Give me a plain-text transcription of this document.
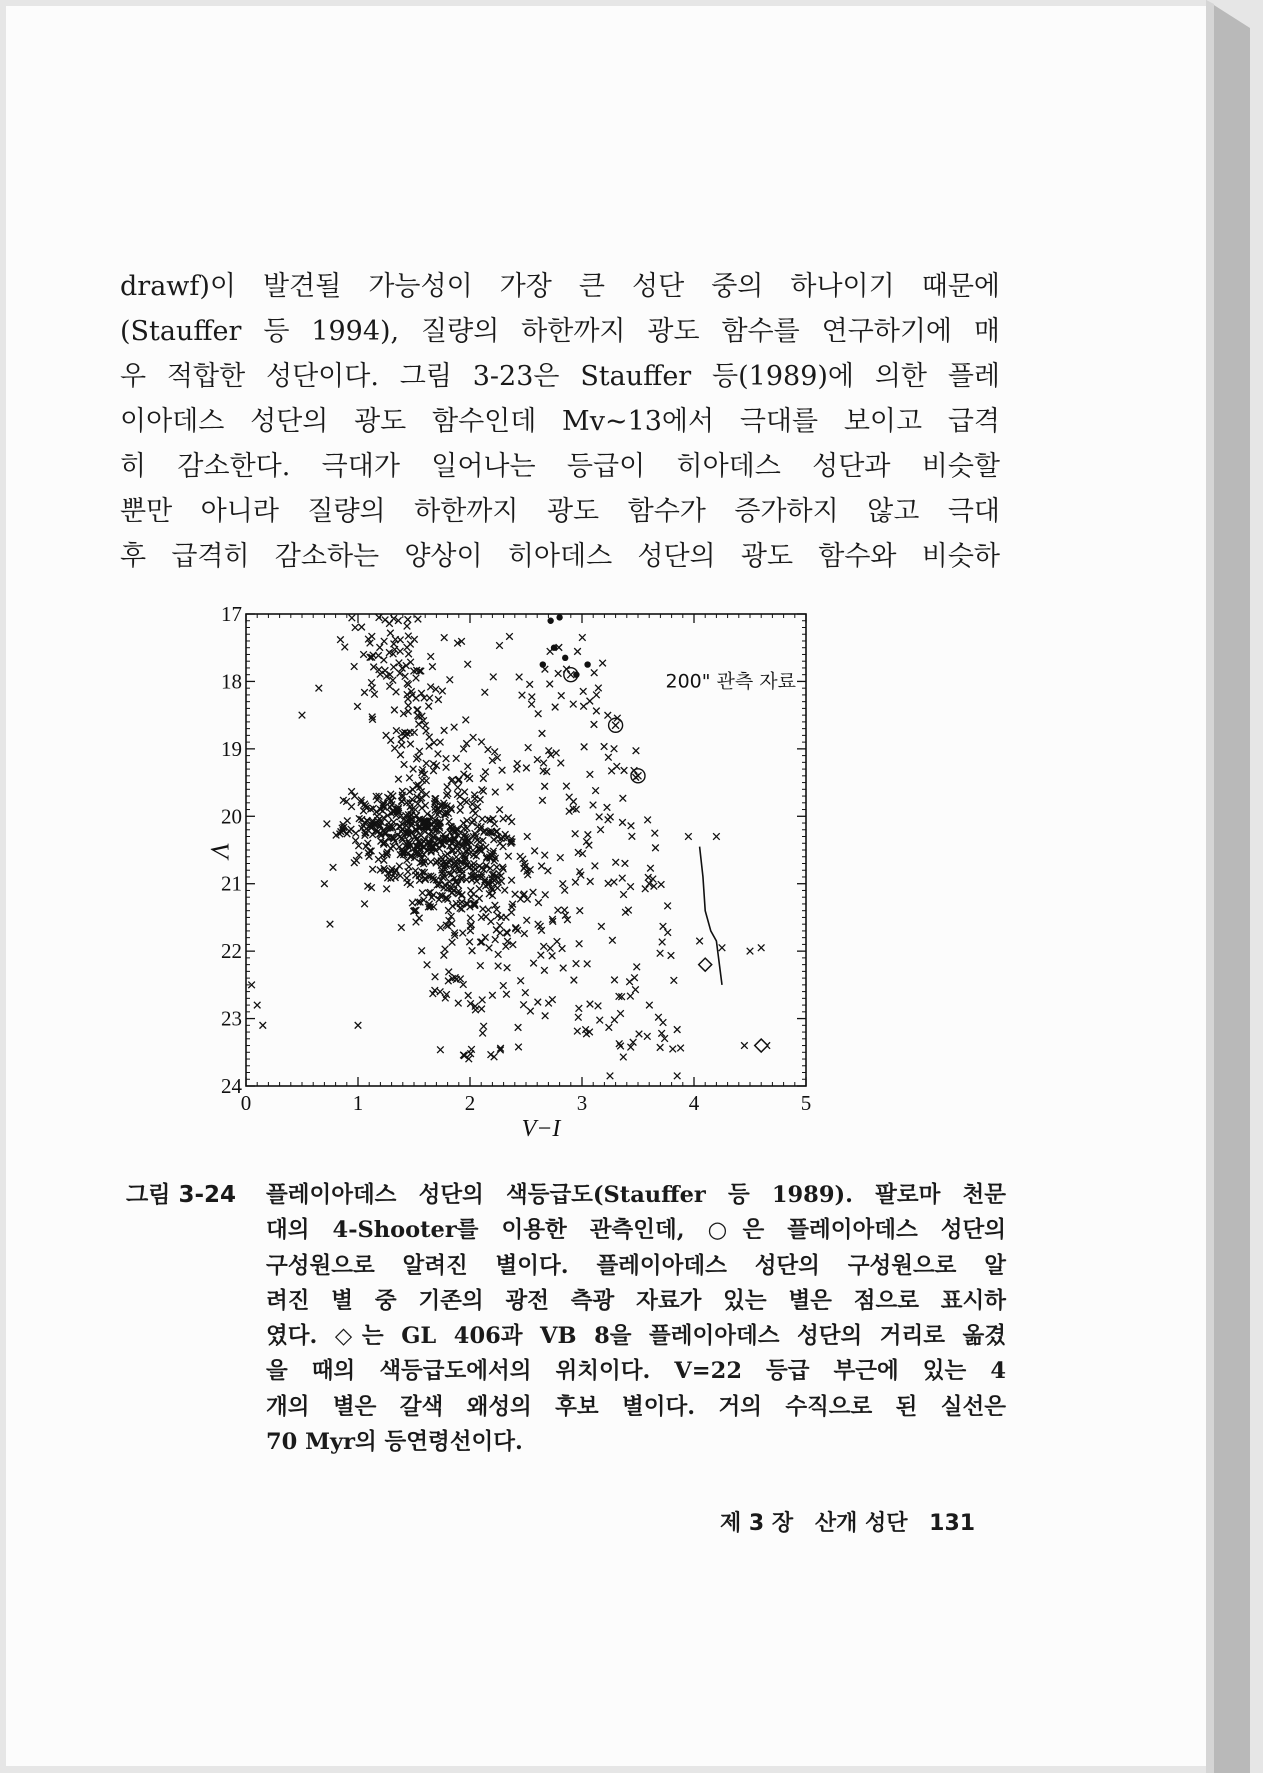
drawf)이 발견될 가능성이 가장 큰 성단 중의 하나이기 때문에
(Stauffer 등 1994), 질량의 하한까지 광도 함수를 연구하기에 매
우 적합한 성단이다. 그림 3-23은 Stauffer 등(1989)에 의한 플레
이아데스 성단의 광도 함수인데 Mv~13에서 극대를 보이고 급격
히 감소한다. 극대가 일어나는 등급이 히아데스 성단과 비슷할
뿐만 아니라 질량의 하한까지 광도 함수가 증가하지 않고 극대
후 급격히 감소하는 양상이 히아데스 성단의 광도 함수와 비슷하
0	1	2	3	4	5
17
18
19
20
21
22
23
24
V−I
V
200" 관측 자료
그림 3-24 플레이아데스 성단의 색등급도(Stauffer 등 1989). 팔로마 천문
대의 4-Shooter를 이용한 관측인데, ○은 플레이아데스 성단의
구성원으로 알려진 별이다. 플레이아데스 성단의 구성원으로 알
려진 별 중 기존의 광전 측광 자료가 있는 별은 점으로 표시하
였다. ◇는 GL 406과 VB 8을 플레이아데스 성단의 거리로 옮겼
을 때의 색등급도에서의 위치이다. V=22 등급 부근에 있는 4
개의 별은 갈색 왜성의 후보 별이다. 거의 수직으로 된 실선은
70 Myr의 등연령선이다.
제 3 장 산개 성단 131
